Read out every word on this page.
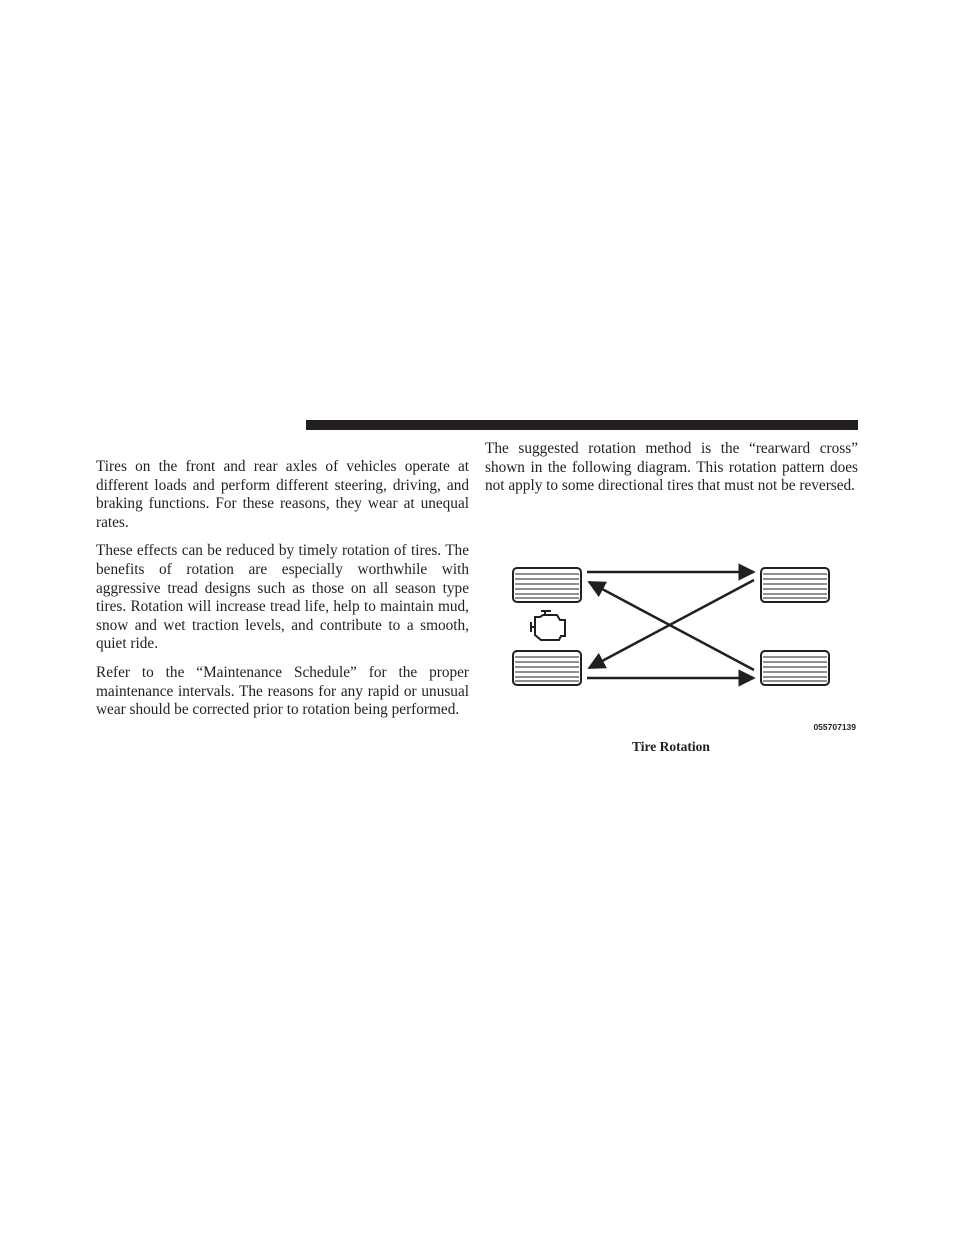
Tires on the front and rear axles of vehicles operate at different loads and perform different steering, driving, and braking functions. For these reasons, they wear at unequal rates.

These effects can be reduced by timely rotation of tires. The benefits of rotation are especially worthwhile with aggressive tread designs such as those on all season type tires. Rotation will increase tread life, help to maintain mud, snow and wet traction levels, and contribute to a smooth, quiet ride.

Refer to the “Maintenance Schedule” for the proper maintenance intervals. The reasons for any rapid or unusual wear should be corrected prior to rotation being performed.

The suggested rotation method is the “rearward cross” shown in the following diagram. This rotation pattern does not apply to some directional tires that must not be reversed.

055707139
Tire Rotation
